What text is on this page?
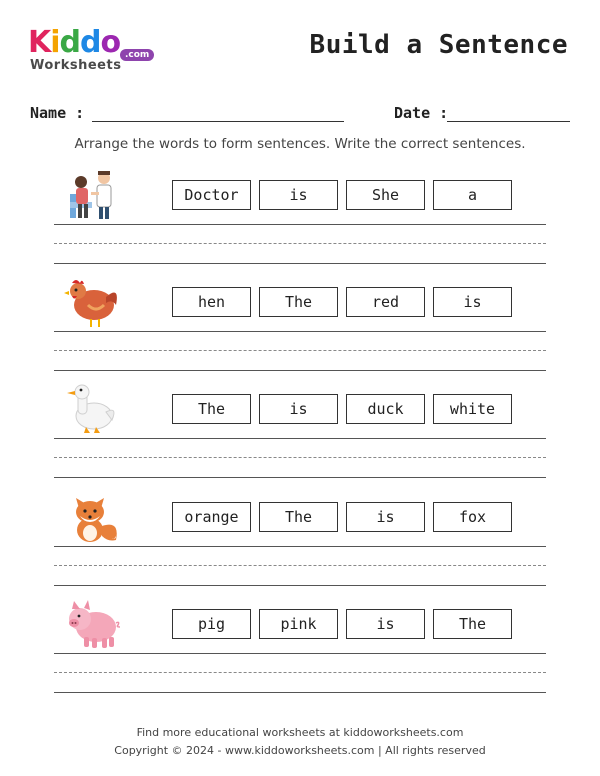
Kiddo .com
Worksheets
Build a Sentence
Name :	Date :
Arrange the words to form sentences. Write the correct sentences.
Doctor	is	She	a
hen	The	red	is
The	is	duck	white
orange	The	is	fox
pig	pink	is	The
Find more educational worksheets at kiddoworksheets.com
Copyright © 2024 - www.kiddoworksheets.com | All rights reserved
